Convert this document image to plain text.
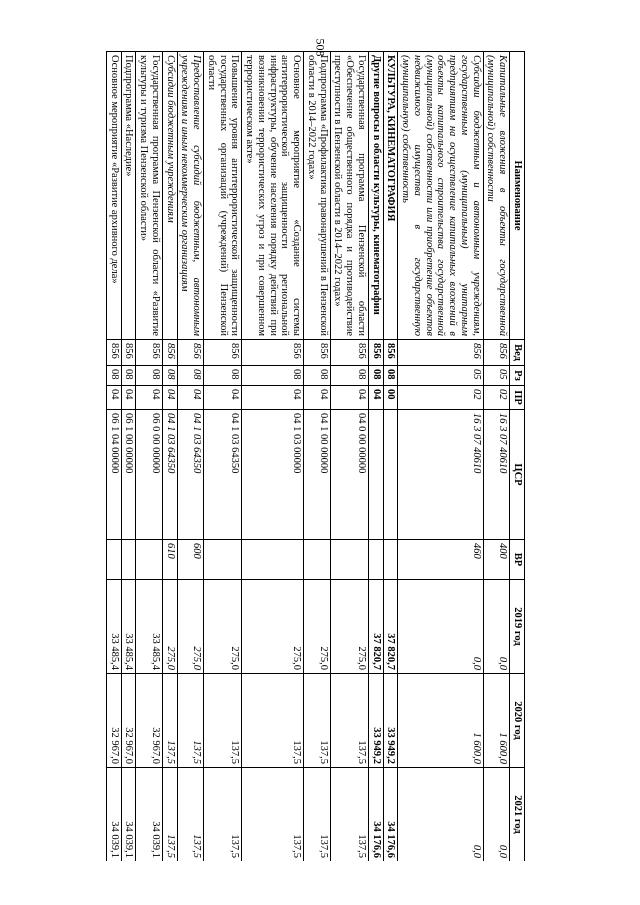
508
Наименование	Вед	Рз	ПР	ЦСР	ВР	2019 год	2020 год	2021 год
Капитальные вложения в объекты государственной (муниципальной) собственности	856	05	02	16 3 07 40610	400	0,0	1 600,0	0,0
Субсидии бюджетным и автономным учреждениям, государственным (муниципальным) унитарным предприятиям на осуществление капитальных вложений в объекты капитального строительства государственной (муниципальной) собственности или приобретение объектов недвижимого имущества в государственную (муниципальную) собственность	856	05	02	16 3 07 40610	460	0,0	1 600,0	0,0
КУЛЬТУРА, КИНЕМАТОГРАФИЯ	856	08	00			37 820,7	33 949,2	34 176,6
Другие вопросы в области культуры, кинематографии	856	08	04			37 820,7	33 949,2	34 176,6
Государственная программа Пензенской области «Обеспечение общественного порядка и противодействие преступности в Пензенской области в 2014–2022 годах»	856	08	04	04 0 00 00000		275,0	137,5	137,5
Подпрограмма «Профилактика правонарушений в Пензенской области в 2014–2022 годах»	856	08	04	04 1 00 00000		275,0	137,5	137,5
Основное мероприятие «Создание системы антитеррористической защищенности региональной инфраструктуры, обучение населения порядку действий при возникновении террористических угроз и при совершенном террористическом акте»	856	08	04	04 1 03 00000		275,0	137,5	137,5
Повышение уровня антитеррористической защищенности государственных организаций (учреждений) Пензенской области	856	08	04	04 1 03 64350		275,0	137,5	137,5
Предоставление субсидий бюджетным, автономным учреждениям и иным некоммерческим организациям	856	08	04	04 1 03 64350	600	275,0	137,5	137,5
Субсидии бюджетным учреждениям	856	08	04	04 1 03 64350	610	275,0	137,5	137,5
Государственная программа Пензенской области «Развитие культуры и туризма Пензенской области»	856	08	04	06 0 00 00000		33 485,4	32 967,0	34 039,1
Подпрограмма «Наследие»	856	08	04	06 1 00 00000		33 485,4	32 967,0	34 039,1
Основное мероприятие «Развитие архивного дела»	856	08	04	06 1 04 00000		33 485,4	32 967,0	34 039,1
